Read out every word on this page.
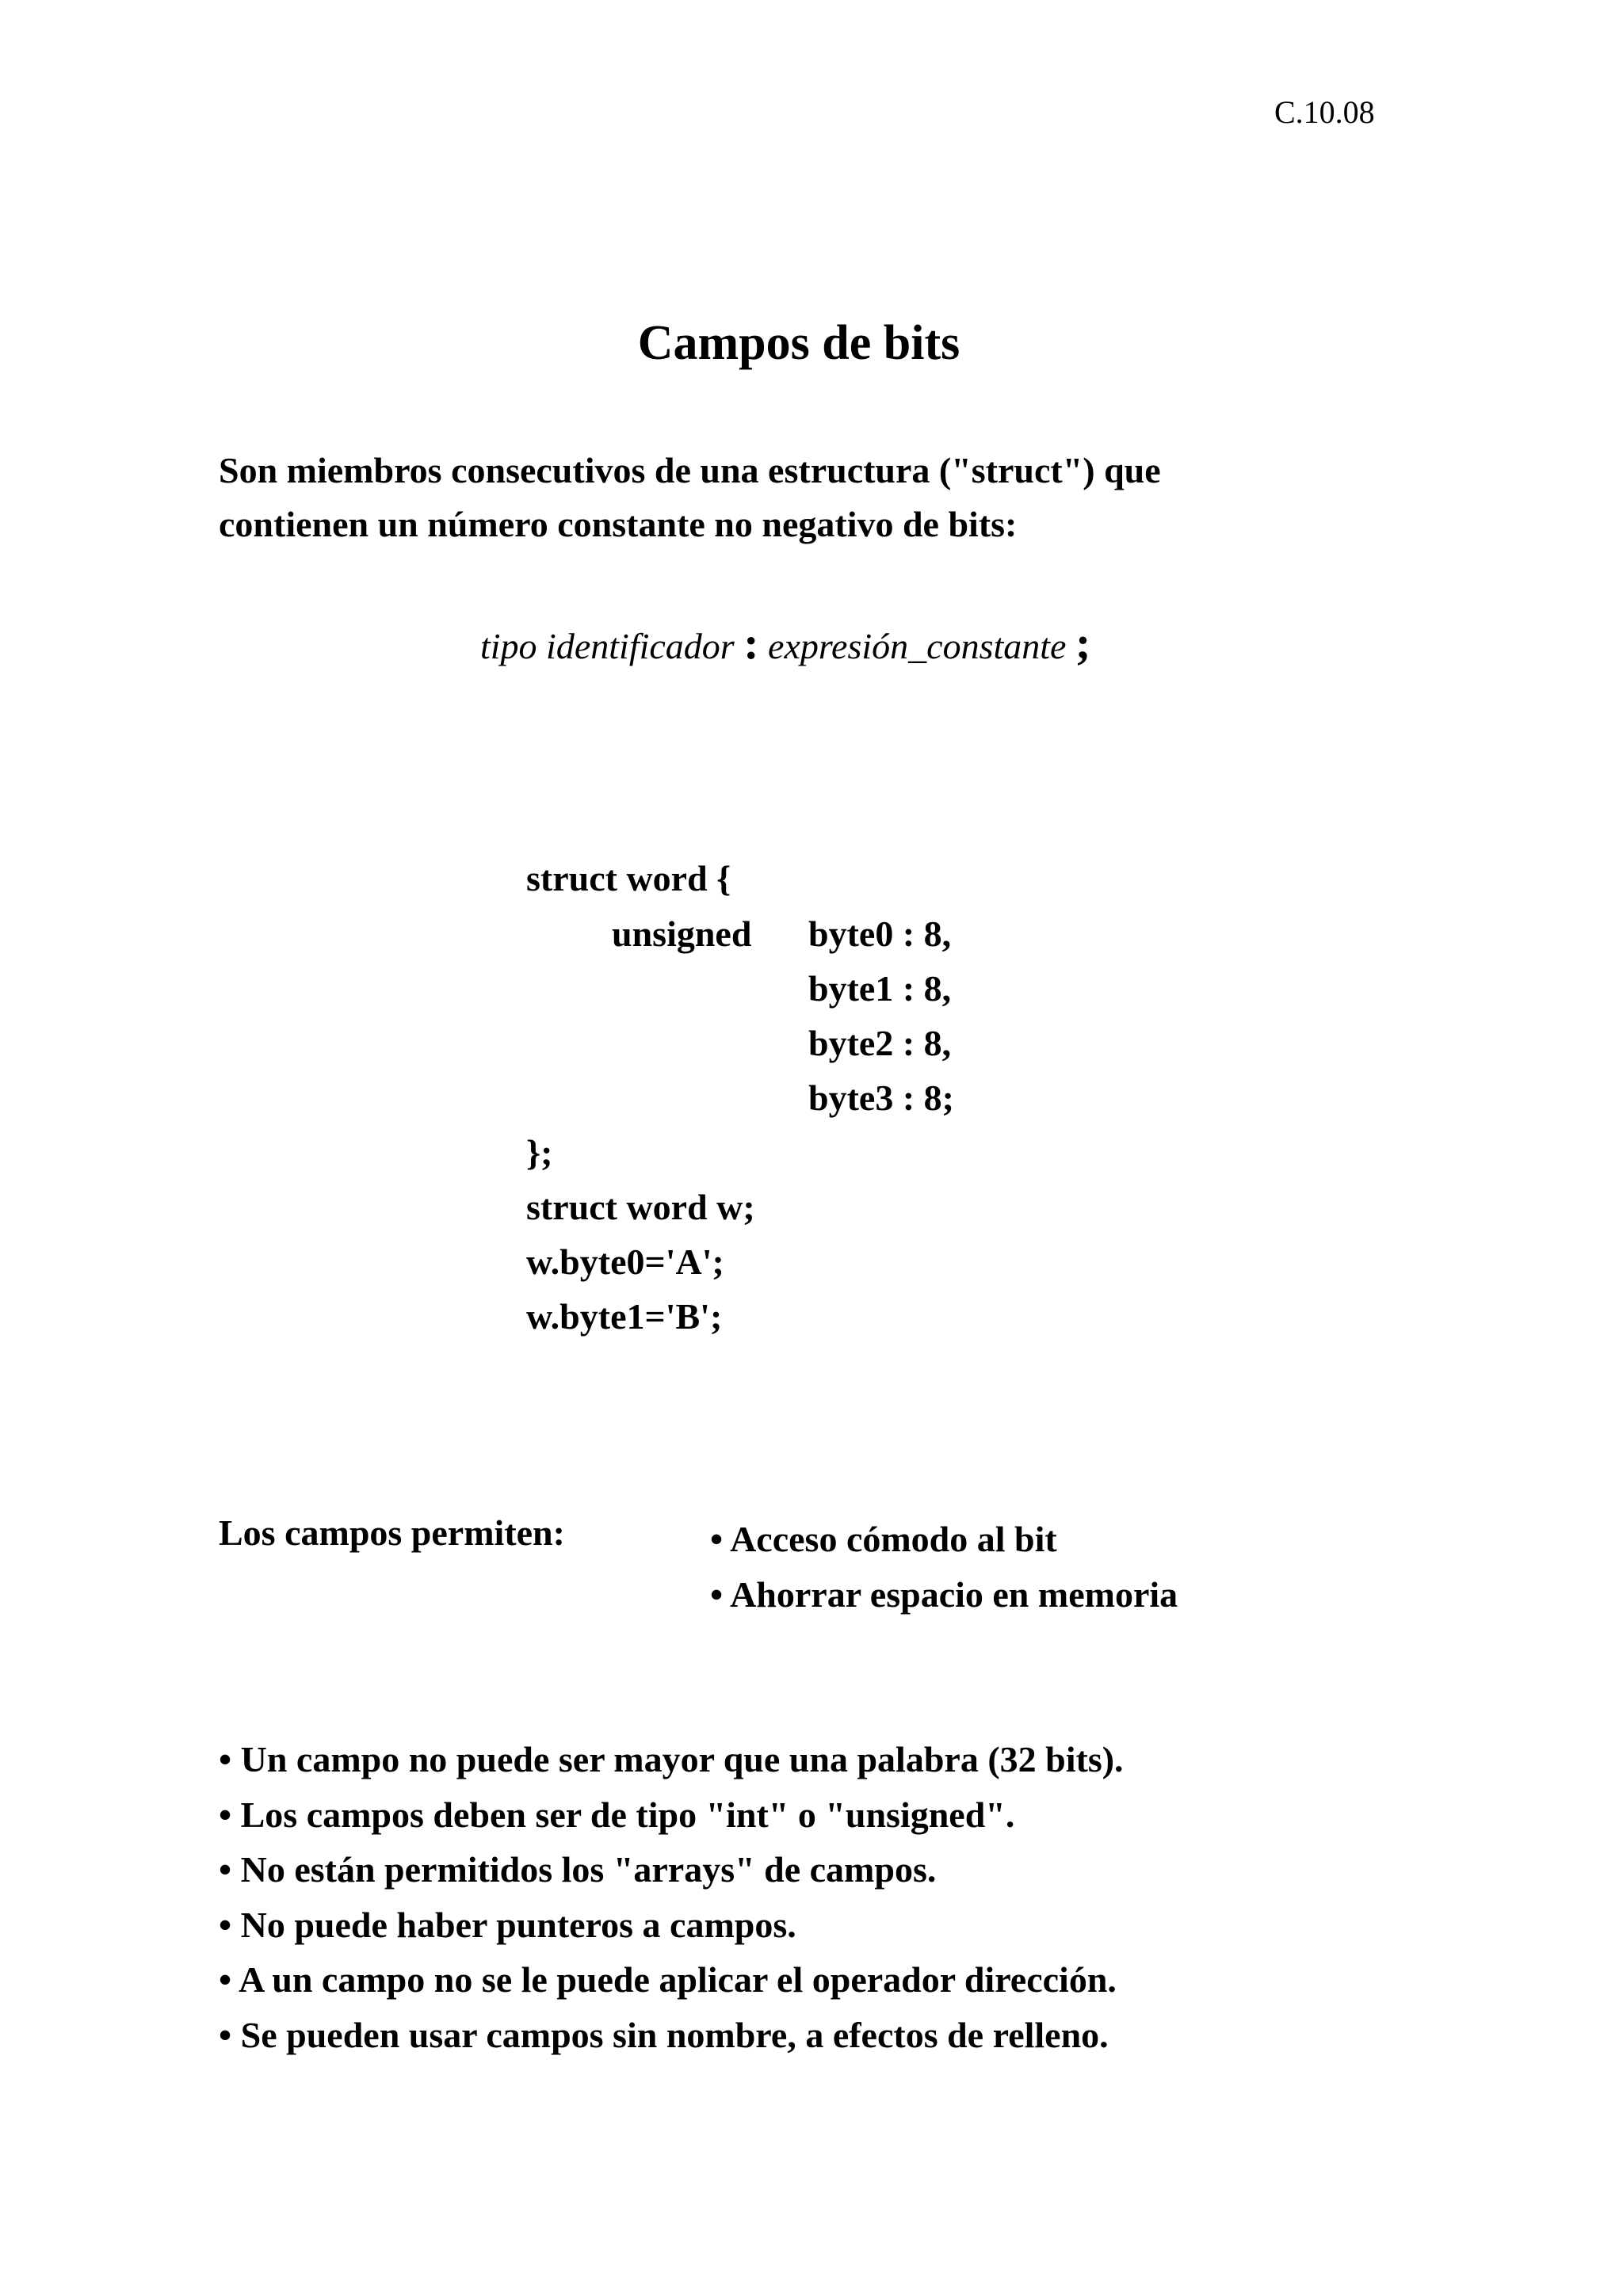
C.10.08
Campos de bits
Son miembros consecutivos de una estructura ("struct") que
contienen un número constante no negativo de bits:
tipo identificador : expresión_constante ;
struct word {
unsigned byte0 : 8,
byte1 : 8,
byte2 : 8,
byte3 : 8;
};
struct word w;
w.byte0='A';
w.byte1='B';
Los campos permiten:	• Acceso cómodo al bit
• Ahorrar espacio en memoria
• Un campo no puede ser mayor que una palabra (32 bits).
• Los campos deben ser de tipo "int" o "unsigned".
• No están permitidos los "arrays" de campos.
• No puede haber punteros a campos.
• A un campo no se le puede aplicar el operador dirección.
• Se pueden usar campos sin nombre, a efectos de relleno.
